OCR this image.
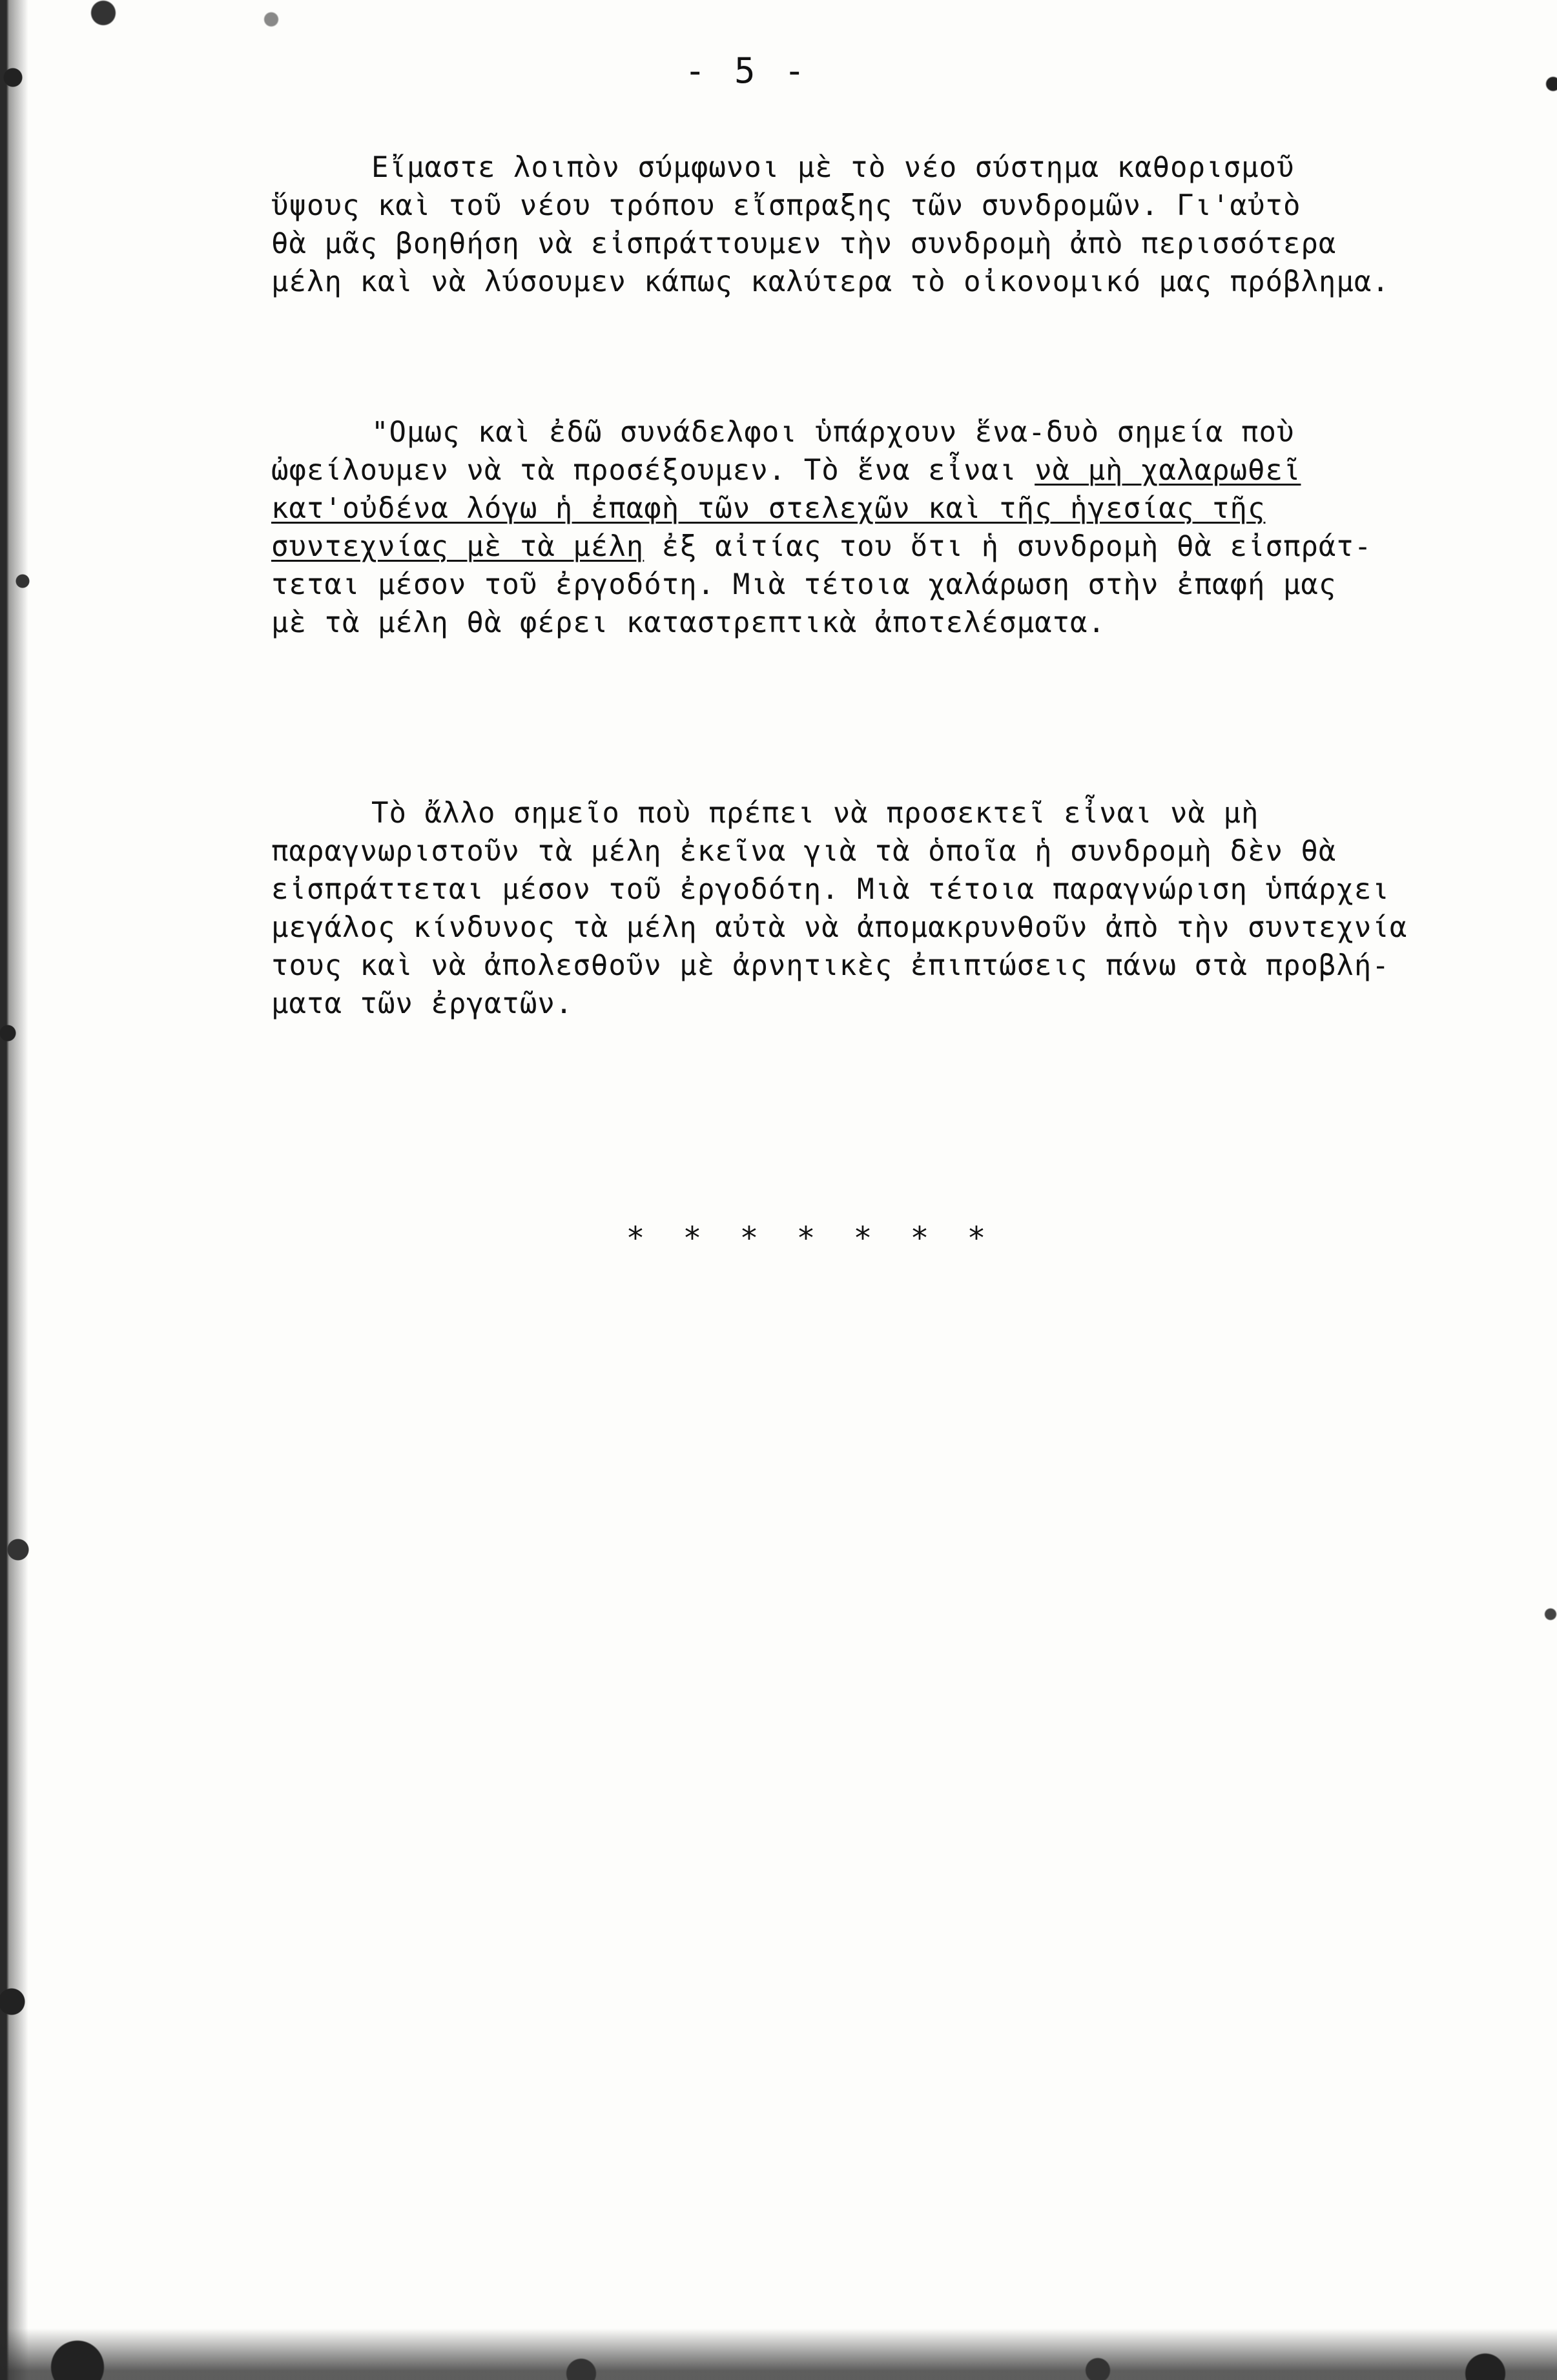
- 5 -
Εἴμαστε λοιπὸν σύμφωνοι μὲ τὸ νέο σύστημα καθορισμοῦ
ὕψους καὶ τοῦ νέου τρόπου εἴσπραξης τῶν συνδρομῶν. Γι'αὐτὸ
θὰ μᾶς βοηθήση νὰ εἰσπράττουμεν τὴν συνδρομὴ ἀπὸ περισσότερα
μέλη καὶ νὰ λύσουμεν κάπως καλύτερα τὸ οἰκονομικό μας πρόβλημα.
"Ομως καὶ ἐδῶ συνάδελφοι ὑπάρχουν ἕνα-δυὸ σημεία ποὺ
ὠφείλουμεν νὰ τὰ προσέξουμεν. Τὸ ἕνα εἶναι νὰ μὴ χαλαρωθεῖ
κατ'οὐδένα λόγω ἡ ἐπαφὴ τῶν στελεχῶν καὶ τῆς ἡγεσίας τῆς
συντεχνίας μὲ τὰ μέλη ἐξ αἰτίας του ὅτι ἡ συνδρομὴ θὰ εἰσπράτ-
τεται μέσον τοῦ ἐργοδότη. Μιὰ τέτοια χαλάρωση στὴν ἐπαφή μας
μὲ τὰ μέλη θὰ φέρει καταστρεπτικὰ ἀποτελέσματα.
Τὸ ἄλλο σημεῖο ποὺ πρέπει νὰ προσεκτεῖ εἶναι νὰ μὴ
παραγνωριστοῦν τὰ μέλη ἐκεῖνα γιὰ τὰ ὁποῖα ἡ συνδρομὴ δὲν θὰ
εἰσπράττεται μέσον τοῦ ἐργοδότη. Μιὰ τέτοια παραγνώριση ὑπάρχει
μεγάλος κίνδυνος τὰ μέλη αὐτὰ νὰ ἀπομακρυνθοῦν ἀπὸ τὴν συντεχνία
τους καὶ νὰ ἀπολεσθοῦν μὲ ἀρνητικὲς ἐπιπτώσεις πάνω στὰ προβλή-
ματα τῶν ἐργατῶν.
* * * * * * *
